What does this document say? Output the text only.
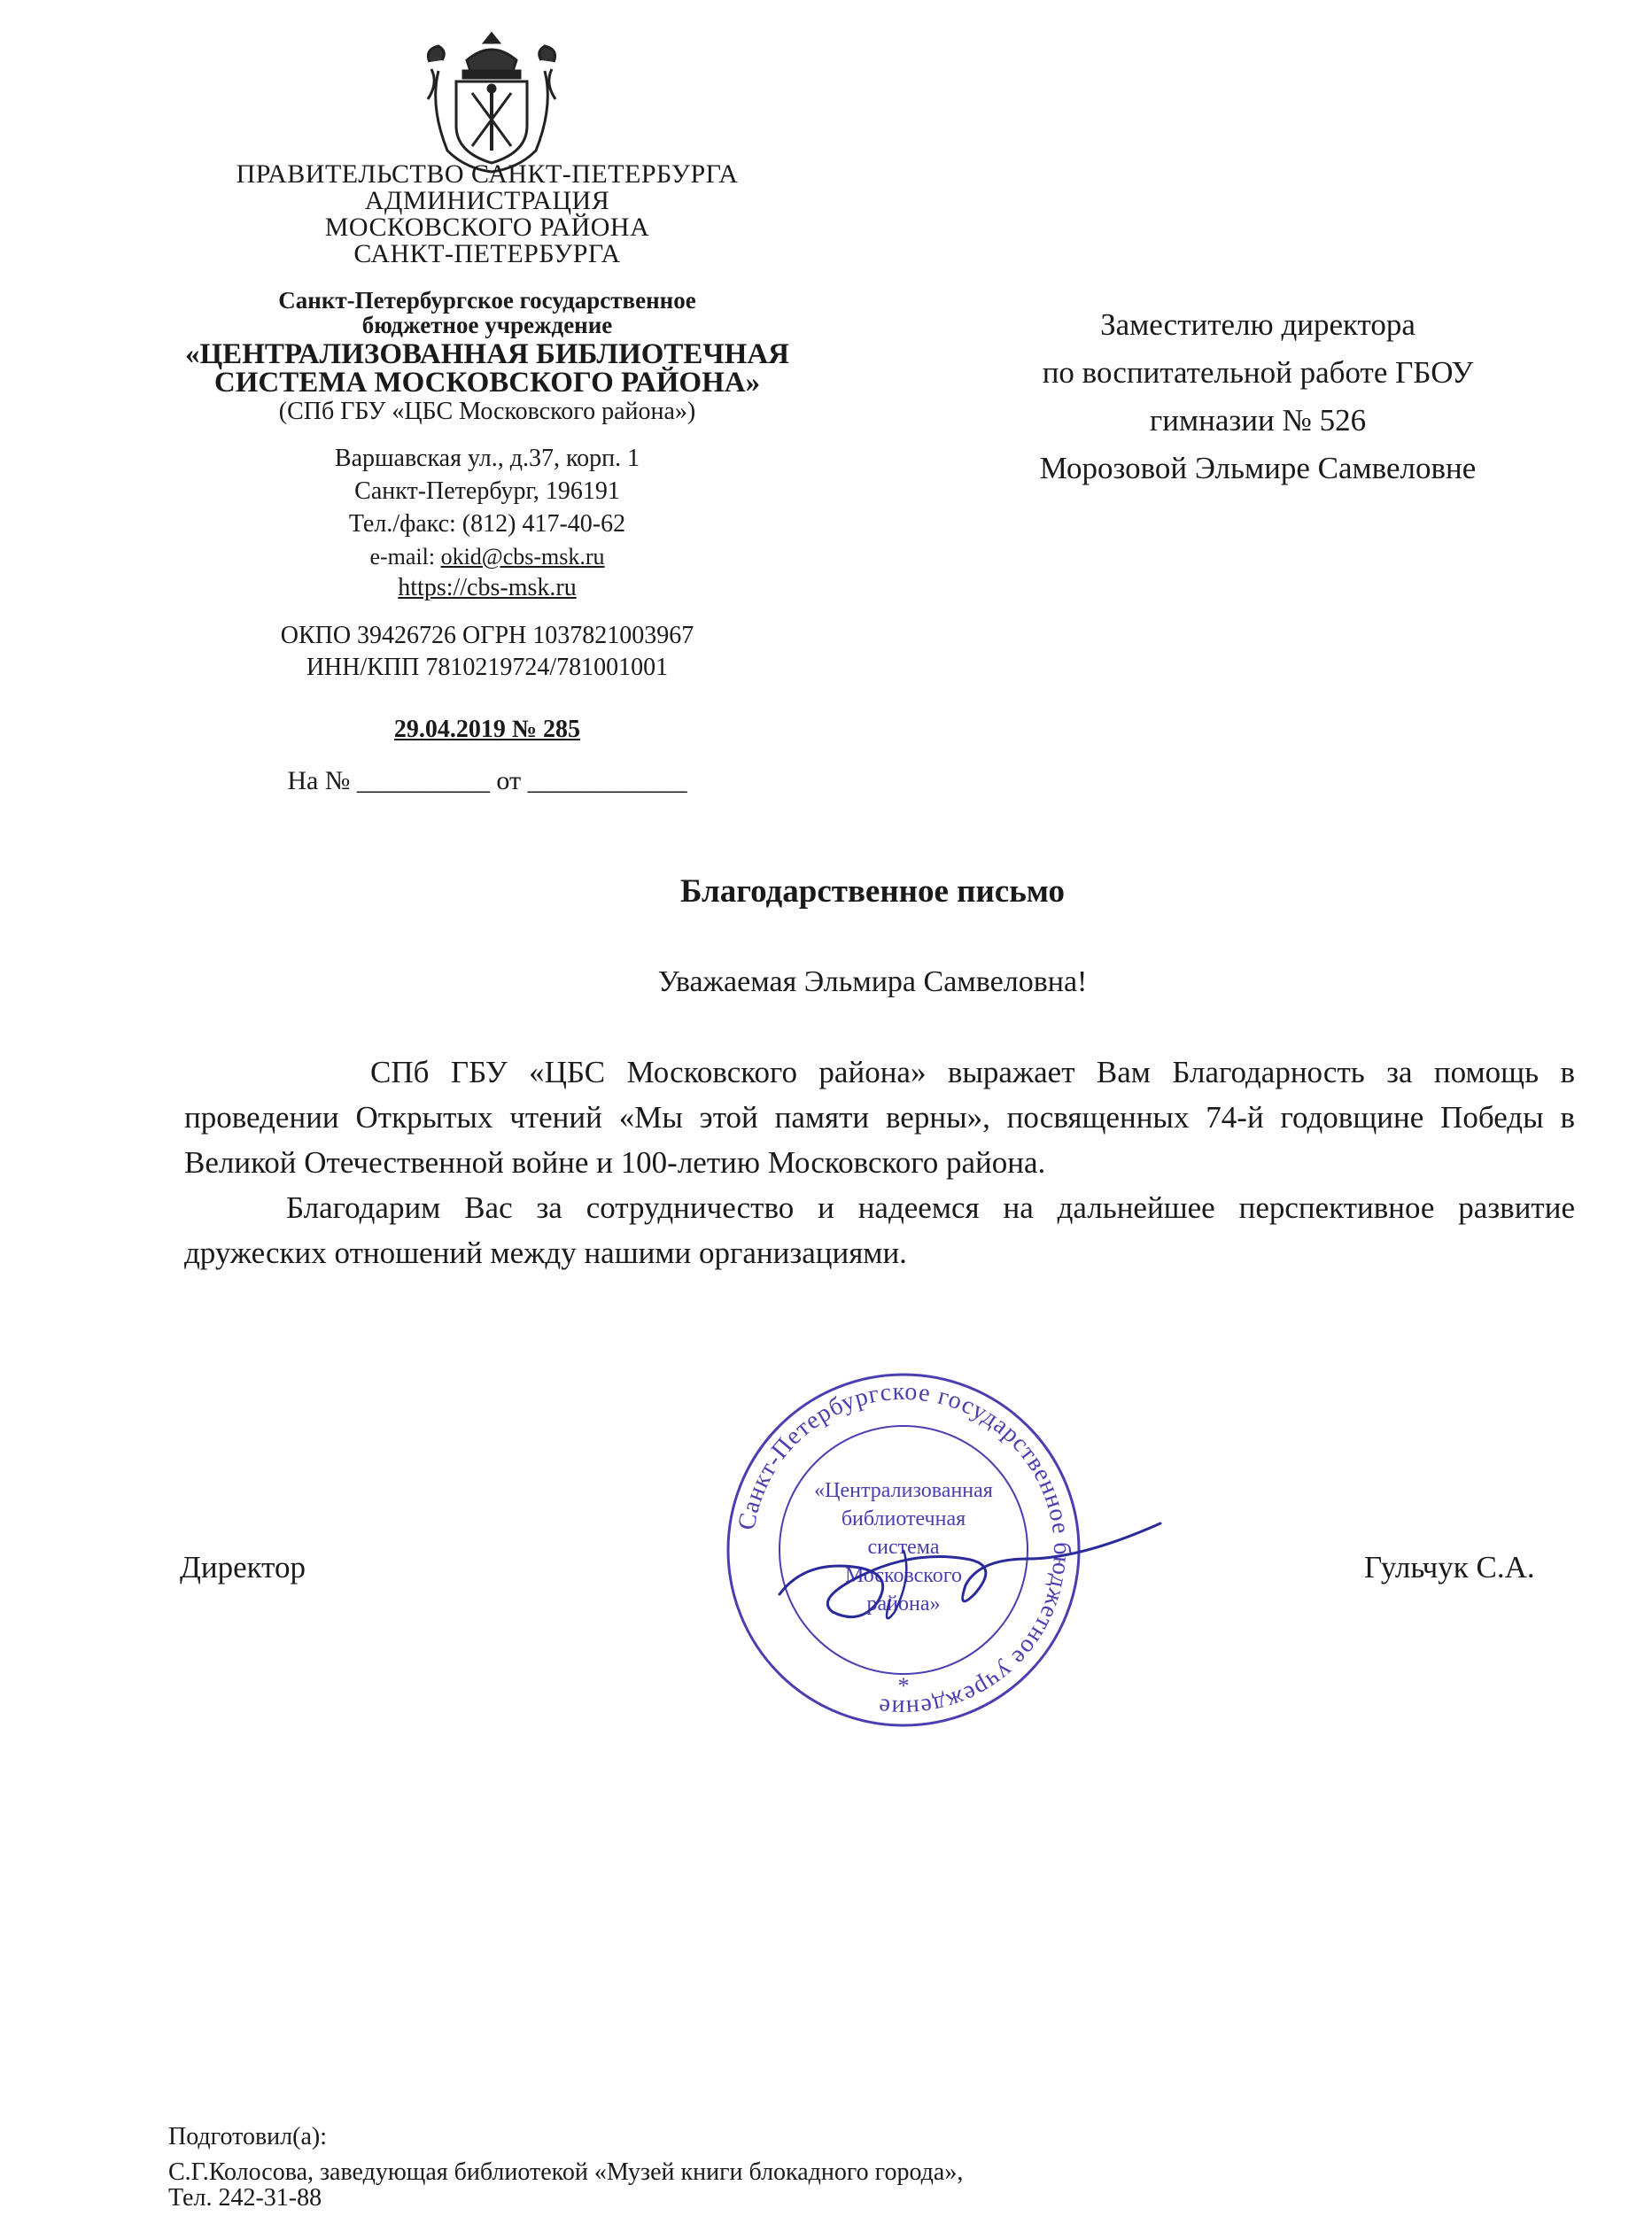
ПРАВИТЕЛЬСТВО САНКТ-ПЕТЕРБУРГА
АДМИНИСТРАЦИЯ
МОСКОВСКОГО РАЙОНА
САНКТ-ПЕТЕРБУРГА
Санкт-Петербургское государственное
бюджетное учреждение
«ЦЕНТРАЛИЗОВАННАЯ БИБЛИОТЕЧНАЯ
СИСТЕМА МОСКОВСКОГО РАЙОНА»
(СПб ГБУ «ЦБС Московского района»)
Варшавская ул., д.37, корп. 1
Санкт-Петербург, 196191
Тел./факс: (812) 417-40-62
e-mail: okid@cbs-msk.ru
https://cbs-msk.ru
ОКПО 39426726 ОГРН 1037821003967
ИНН/КПП 7810219724/781001001
29.04.2019 № 285
На № __________ от ____________
Заместителю директора
по воспитательной работе ГБОУ
гимназии № 526
Морозовой Эльмире Самвеловне
Благодарственное письмо
Уважаемая Эльмира Самвеловна!
СПб ГБУ «ЦБС Московского района» выражает Вам Благодарность за помощь в проведении Открытых чтений «Мы этой памяти верны», посвященных 74-й годовщине Победы в Великой Отечественной войне и 100-летию Московского района.
Благодарим Вас за сотрудничество и надеемся на дальнейшее перспективное развитие дружеских отношений между нашими организациями.
Санкт-Петербургское государственное бюджетное учреждение
«Централизованная
библиотечная
система
Московского
района»
*
Директор	Гульчук С.А.
Подготовил(а):
С.Г.Колосова, заведующая библиотекой «Музей книги блокадного города»,
Тел. 242-31-88
